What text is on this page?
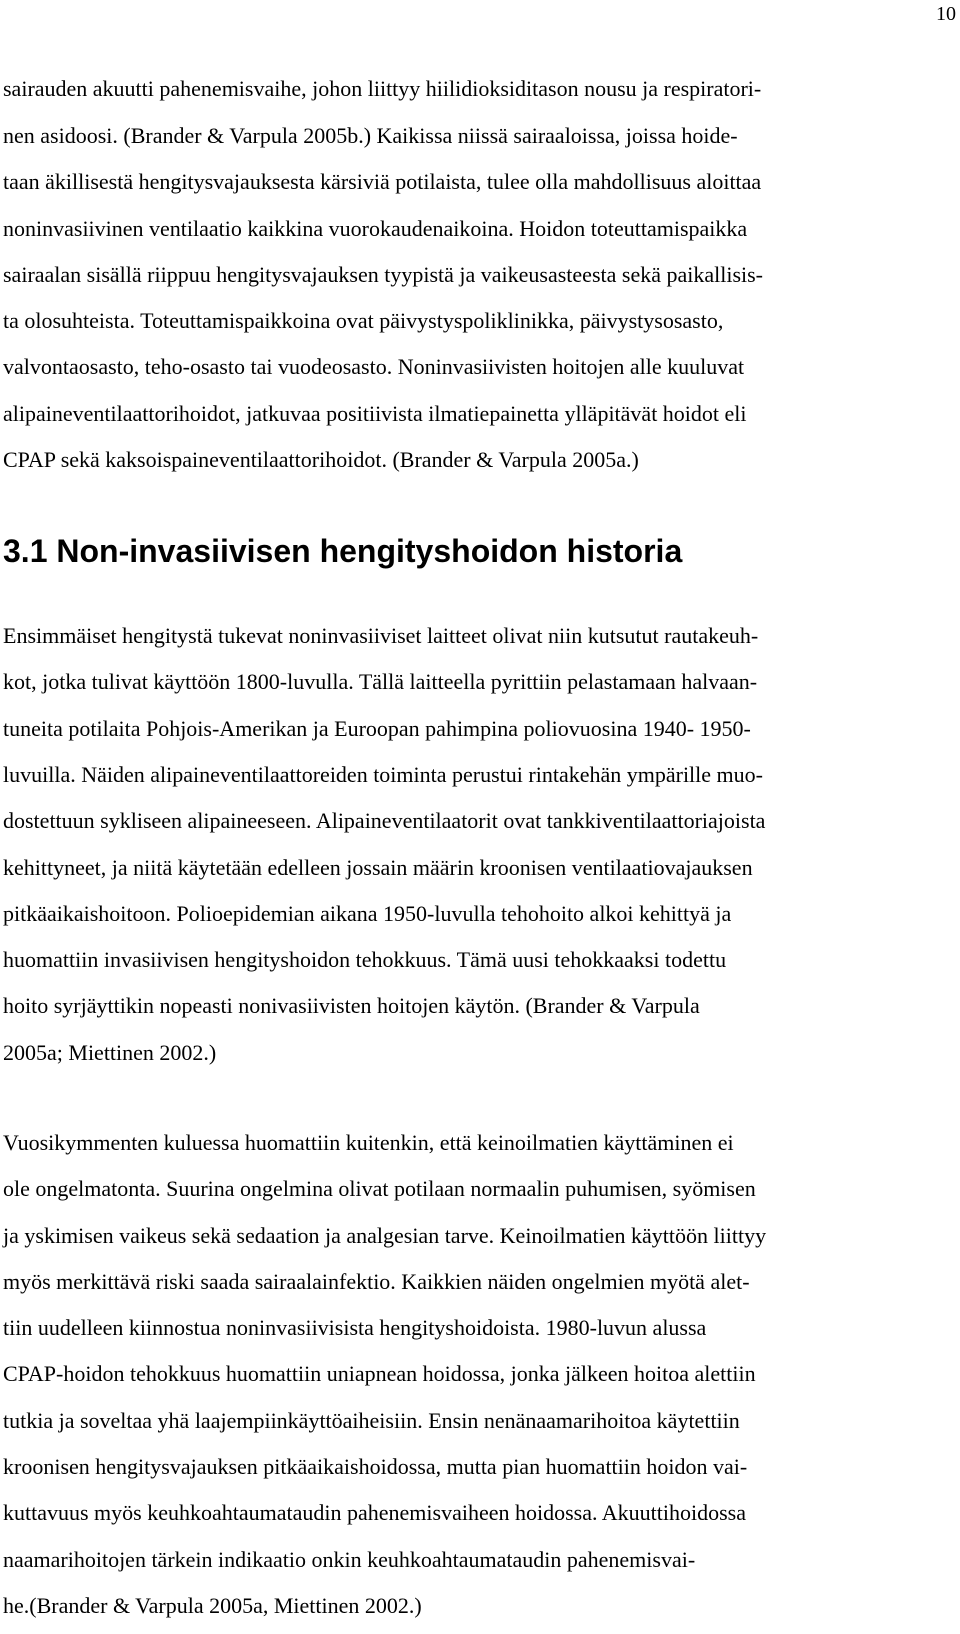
10
sairauden akuutti pahenemisvaihe, johon liittyy hiilidioksiditason nousu ja respiratori-
nen asidoosi. (Brander & Varpula 2005b.) Kaikissa niissä sairaaloissa, joissa hoide-
taan äkillisestä hengitysvajauksesta kärsiviä potilaista, tulee olla mahdollisuus aloittaa
noninvasiivinen ventilaatio kaikkina vuorokaudenaikoina. Hoidon toteuttamispaikka
sairaalan sisällä riippuu hengitysvajauksen tyypistä ja vaikeusasteesta sekä paikallisis-
ta olosuhteista. Toteuttamispaikkoina ovat päivystyspoliklinikka, päivystysosasto,
valvontaosasto, teho-osasto tai vuodeosasto. Noninvasiivisten hoitojen alle kuuluvat
alipaineventilaattorihoidot, jatkuvaa positiivista ilmatiepainetta ylläpitävät hoidot eli
CPAP sekä kaksoispaineventilaattorihoidot. (Brander & Varpula 2005a.)
3.1 Non-invasiivisen hengityshoidon historia
Ensimmäiset hengitystä tukevat noninvasiiviset laitteet olivat niin kutsutut rautakeuh-
kot, jotka tulivat käyttöön 1800-luvulla. Tällä laitteella pyrittiin pelastamaan halvaan-
tuneita potilaita Pohjois-Amerikan ja Euroopan pahimpina poliovuosina 1940- 1950-
luvuilla. Näiden alipaineventilaattoreiden toiminta perustui rintakehän ympärille muo-
dostettuun sykliseen alipaineeseen. Alipaineventilaatorit ovat tankkiventilaattoriajoista
kehittyneet, ja niitä käytetään edelleen jossain määrin kroonisen ventilaatiovajauksen
pitkäaikaishoitoon. Polioepidemian aikana 1950-luvulla tehohoito alkoi kehittyä ja
huomattiin invasiivisen hengityshoidon tehokkuus. Tämä uusi tehokkaaksi todettu
hoito syrjäyttikin nopeasti nonivasiivisten hoitojen käytön. (Brander & Varpula
2005a; Miettinen 2002.)
Vuosikymmenten kuluessa huomattiin kuitenkin, että keinoilmatien käyttäminen ei
ole ongelmatonta. Suurina ongelmina olivat potilaan normaalin puhumisen, syömisen
ja yskimisen vaikeus sekä sedaation ja analgesian tarve. Keinoilmatien käyttöön liittyy
myös merkittävä riski saada sairaalainfektio. Kaikkien näiden ongelmien myötä alet-
tiin uudelleen kiinnostua noninvasiivisista hengityshoidoista. 1980-luvun alussa
CPAP-hoidon tehokkuus huomattiin uniapnean hoidossa, jonka jälkeen hoitoa alettiin
tutkia ja soveltaa yhä laajempiinkäyttöaiheisiin. Ensin nenänaamarihoitoa käytettiin
kroonisen hengitysvajauksen pitkäaikaishoidossa, mutta pian huomattiin hoidon vai-
kuttavuus myös keuhkoahtaumataudin pahenemisvaiheen hoidossa. Akuuttihoidossa
naamarihoitojen tärkein indikaatio onkin keuhkoahtaumataudin pahenemisvai-
he.(Brander & Varpula 2005a, Miettinen 2002.)
